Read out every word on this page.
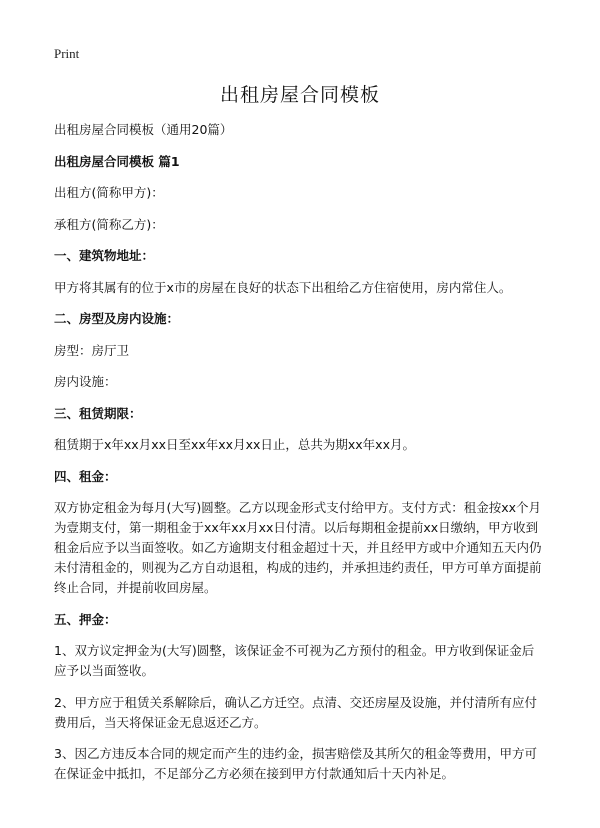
Print
出租房屋合同模板

出租房屋合同模板（通用20篇）

出租房屋合同模板 篇1

出租方(简称甲方)：

承租方(简称乙方)：

一、建筑物地址：

甲方将其属有的位于x市的房屋在良好的状态下出租给乙方住宿使用，房内常住人。

二、房型及房内设施：

房型：房厅卫

房内设施：

三、租赁期限：

租赁期于x年xx月xx日至xx年xx月xx日止，总共为期xx年xx月。

四、租金：

双方协定租金为每月(大写)圆整。乙方以现金形式支付给甲方。支付方式：租金按xx个月为壹期支付，第一期租金于xx年xx月xx日付清。以后每期租金提前xx日缴纳，甲方收到租金后应予以当面签收。如乙方逾期支付租金超过十天，并且经甲方或中介通知五天内仍未付清租金的，则视为乙方自动退租，构成的违约，并承担违约责任，甲方可单方面提前终止合同，并提前收回房屋。

五、押金：

1、双方议定押金为(大写)圆整，该保证金不可视为乙方预付的租金。甲方收到保证金后应予以当面签收。

2、甲方应于租赁关系解除后，确认乙方迁空。点清、交还房屋及设施，并付清所有应付费用后，当天将保证金无息返还乙方。

3、因乙方违反本合同的规定而产生的违约金，损害赔偿及其所欠的租金等费用，甲方可在保证金中抵扣，不足部分乙方必须在接到甲方付款通知后十天内补足。
